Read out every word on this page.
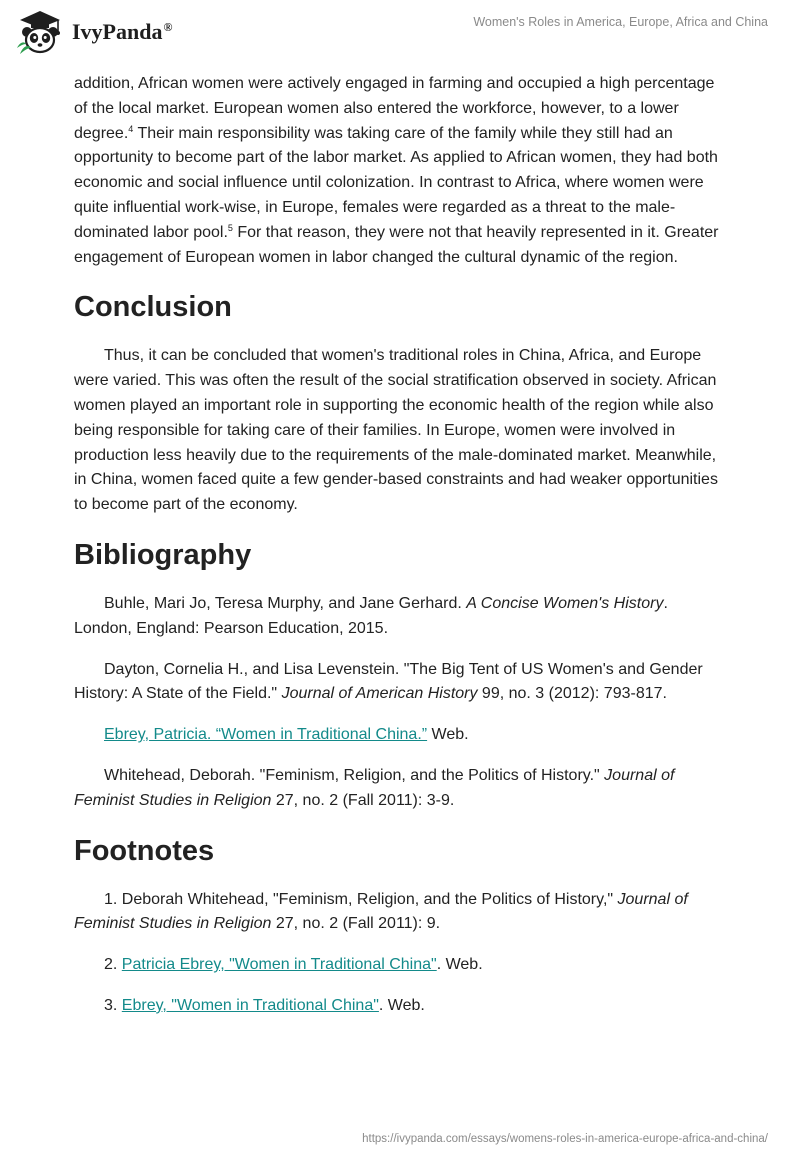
IvyPanda®	Women's Roles in America, Europe, Africa and China

addition, African women were actively engaged in farming and occupied a high percentage of the local market. European women also entered the workforce, however, to a lower degree.$^4$ Their main responsibility was taking care of the family while they still had an opportunity to become part of the labor market. As applied to African women, they had both economic and social influence until colonization. In contrast to Africa, where women were quite influential work-wise, in Europe, females were regarded as a threat to the male-dominated labor pool.$^5$ For that reason, they were not that heavily represented in it. Greater engagement of European women in labor changed the cultural dynamic of the region.

Conclusion

Thus, it can be concluded that women's traditional roles in China, Africa, and Europe were varied. This was often the result of the social stratification observed in society. African women played an important role in supporting the economic health of the region while also being responsible for taking care of their families. In Europe, women were involved in production less heavily due to the requirements of the male-dominated market. Meanwhile, in China, women faced quite a few gender-based constraints and had weaker opportunities to become part of the economy.

Bibliography

Buhle, Mari Jo, Teresa Murphy, and Jane Gerhard. A Concise Women's History. London, England: Pearson Education, 2015.

Dayton, Cornelia H., and Lisa Levenstein. "The Big Tent of US Women's and Gender History: A State of the Field." Journal of American History 99, no. 3 (2012): 793-817.

Ebrey, Patricia. “Women in Traditional China.” Web.

Whitehead, Deborah. "Feminism, Religion, and the Politics of History." Journal of Feminist Studies in Religion 27, no. 2 (Fall 2011): 3-9.

Footnotes

1. Deborah Whitehead, "Feminism, Religion, and the Politics of History," Journal of Feminist Studies in Religion 27, no. 2 (Fall 2011): 9.

2. Patricia Ebrey, "Women in Traditional China". Web.

3. Ebrey, "Women in Traditional China". Web.

https://ivypanda.com/essays/womens-roles-in-america-europe-africa-and-china/
